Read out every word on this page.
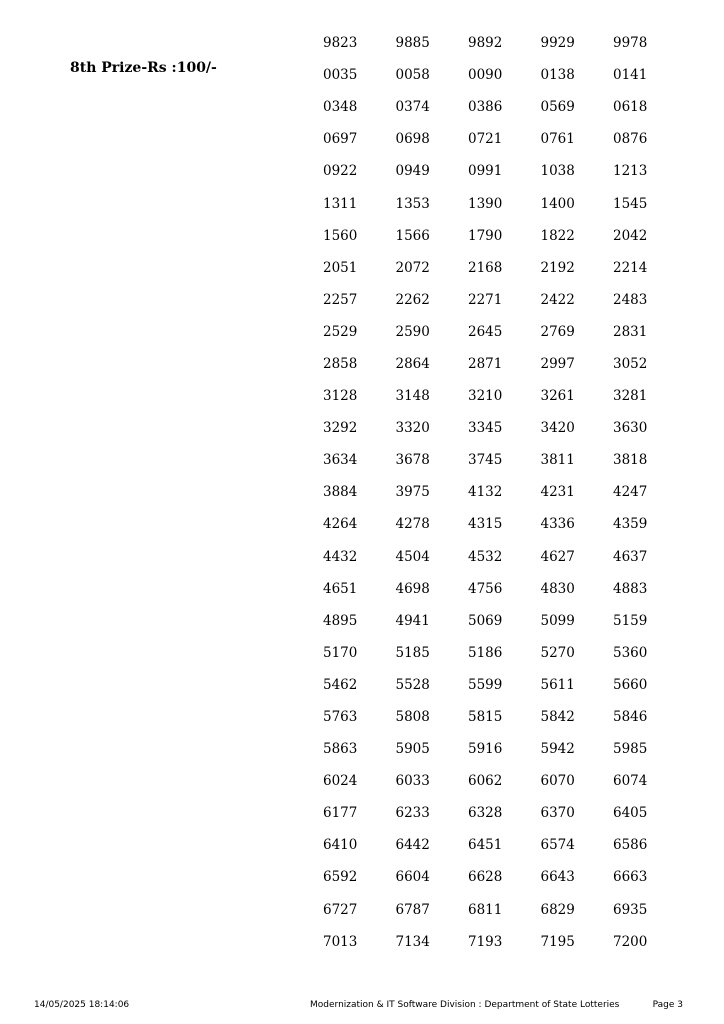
8th Prize-Rs :100/-
9823	9885	9892	9929	9978
0035	0058	0090	0138	0141
0348	0374	0386	0569	0618
0697	0698	0721	0761	0876
0922	0949	0991	1038	1213
1311	1353	1390	1400	1545
1560	1566	1790	1822	2042
2051	2072	2168	2192	2214
2257	2262	2271	2422	2483
2529	2590	2645	2769	2831
2858	2864	2871	2997	3052
3128	3148	3210	3261	3281
3292	3320	3345	3420	3630
3634	3678	3745	3811	3818
3884	3975	4132	4231	4247
4264	4278	4315	4336	4359
4432	4504	4532	4627	4637
4651	4698	4756	4830	4883
4895	4941	5069	5099	5159
5170	5185	5186	5270	5360
5462	5528	5599	5611	5660
5763	5808	5815	5842	5846
5863	5905	5916	5942	5985
6024	6033	6062	6070	6074
6177	6233	6328	6370	6405
6410	6442	6451	6574	6586
6592	6604	6628	6643	6663
6727	6787	6811	6829	6935
7013	7134	7193	7195	7200
14/05/2025 18:14:06	Modernization & IT Software Division : Department of State Lotteries	Page 3
